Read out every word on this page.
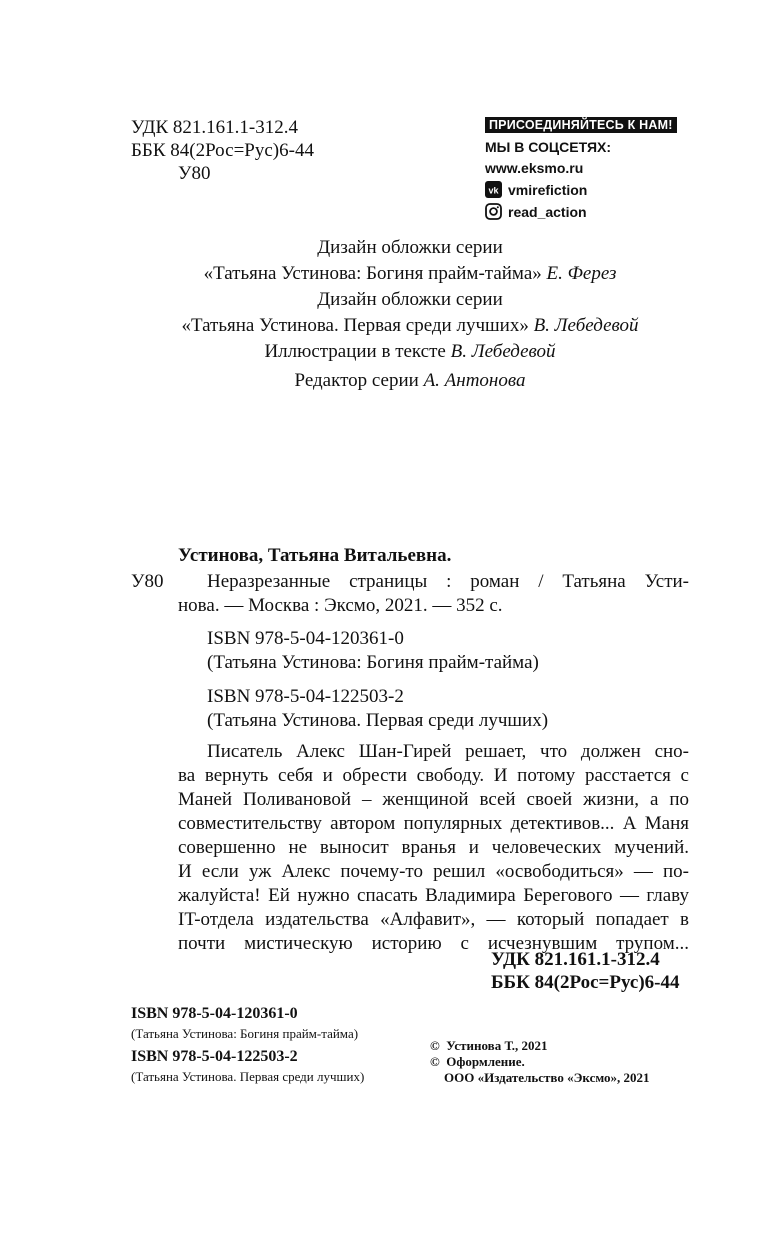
УДК 821.161.1-312.4
ББК 84(2Рос=Рус)6-44
У80
ПРИСОЕДИНЯЙТЕСЬ К НАМ!
МЫ В СОЦСЕТЯХ:
www.eksmo.ru
vk vmirefiction
read_action
Дизайн обложки серии
«Татьяна Устинова: Богиня прайм-тайма» Е. Ферез
Дизайн обложки серии
«Татьяна Устинова. Первая среди лучших» В. Лебедевой
Иллюстрации в тексте В. Лебедевой
Редактор серии А. Антонова
Устинова, Татьяна Витальевна.
У80 Неразрезанные страницы : роман / Татьяна Усти-
нова. — Москва : Эксмо, 2021. — 352 с.
ISBN 978-5-04-120361-0
(Татьяна Устинова: Богиня прайм-тайма)
ISBN 978-5-04-122503-2
(Татьяна Устинова. Первая среди лучших)
Писатель Алекс Шан-Гирей решает, что должен сно-
ва вернуть себя и обрести свободу. И потому расстается с
Маней Поливановой – женщиной всей своей жизни, а по
совместительству автором популярных детективов... А Маня
совершенно не выносит вранья и человеческих мучений.
И если уж Алекс почему-то решил «освободиться» — по-
жалуйста! Ей нужно спасать Владимира Берегового — главу
IT-отдела издательства «Алфавит», — который попадает в
почти мистическую историю с исчезнувшим трупом...
УДК 821.161.1-312.4
ББК 84(2Рос=Рус)6-44
ISBN 978-5-04-120361-0
(Татьяна Устинова: Богиня прайм-тайма)
ISBN 978-5-04-122503-2
(Татьяна Устинова. Первая среди лучших)
© Устинова Т., 2021
© Оформление.
ООО «Издательство «Эксмо», 2021
